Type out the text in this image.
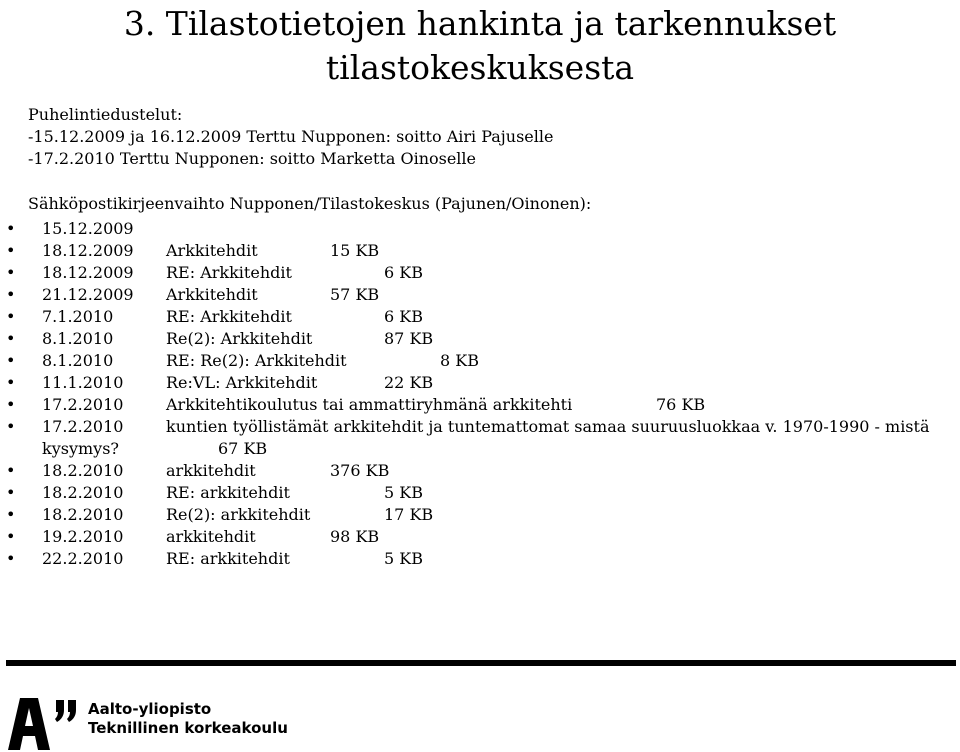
3. Tilastotietojen hankinta ja tarkennukset
tilastokeskuksesta
Puhelintiedustelut:
-15.12.2009 ja 16.12.2009 Terttu Nupponen: soitto Airi Pajuselle
-17.2.2010 Terttu Nupponen: soitto Marketta Oinoselle
Sähköpostikirjeenvaihto Nupponen/Tilastokeskus (Pajunen/Oinonen):
• 15.12.2009
• 18.12.2009 Arkkitehdit	15 KB
• 18.12.2009 RE: Arkkitehdit	6 KB
• 21.12.2009 Arkkitehdit	57 KB
• 7.1.2010	RE: Arkkitehdit	6 KB
• 8.1.2010	Re(2): Arkkitehdit	87 KB
• 8.1.2010	RE: Re(2): Arkkitehdit	8 KB
• 11.1.2010	Re:VL: Arkkitehdit	22 KB
• 17.2.2010	Arkkitehtikoulutus tai ammattiryhmänä arkkitehti	76 KB
• 17.2.2010	kuntien työllistämät arkkitehdit ja tuntemattomat samaa suuruusluokkaa v. 1970-1990 - mistä
kysymys?	67 KB
• 18.2.2010	arkkitehdit	376 KB
• 18.2.2010	RE: arkkitehdit	5 KB
• 18.2.2010	Re(2): arkkitehdit	17 KB
• 19.2.2010	arkkitehdit	98 KB
• 22.2.2010	RE: arkkitehdit	5 KB
Aalto-yliopisto
Teknillinen korkeakoulu
